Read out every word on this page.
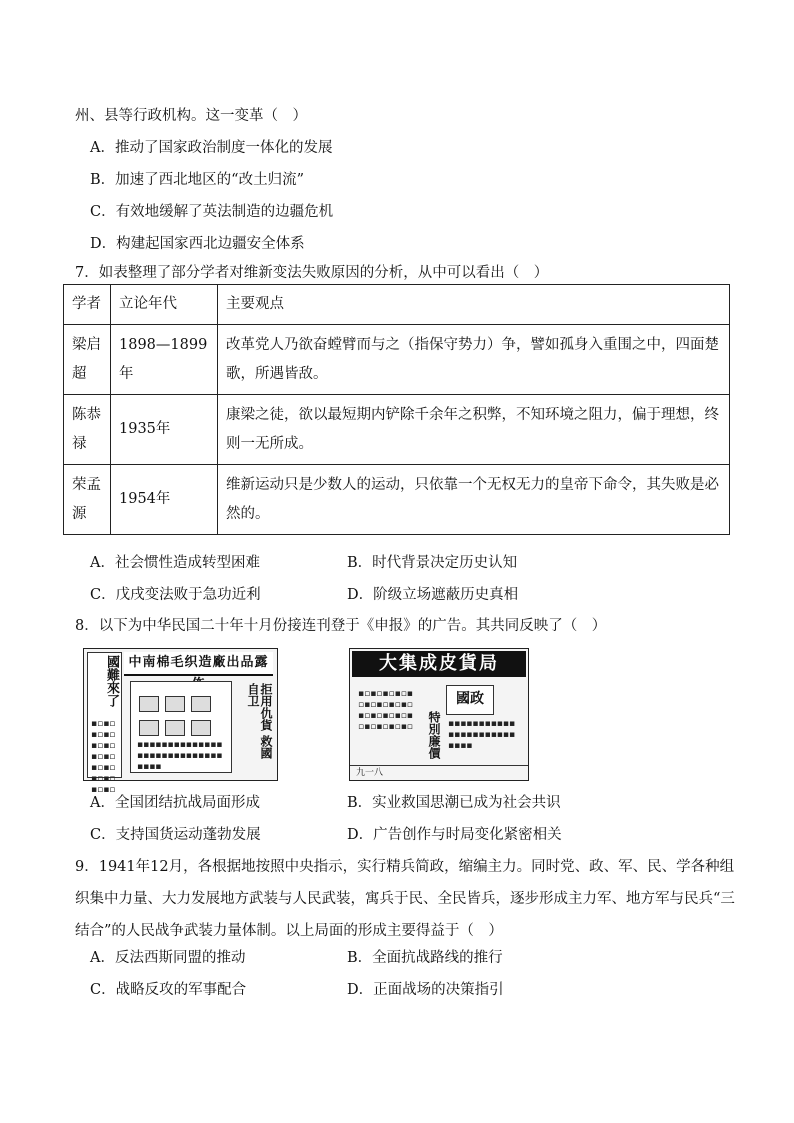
州、县等行政机构。这一变革（　）
A．推动了国家政治制度一体化的发展
B．加速了西北地区的“改土归流”
C．有效地缓解了英法制造的边疆危机
D．构建起国家西北边疆安全体系
7．如表整理了部分学者对维新变法失败原因的分析，从中可以看出（　）
学者	立论年代	主要观点
梁启超	1898—1899年	改革党人乃欲奋螳臂而与之（指保守势力）争，譬如孤身入重围之中，四面楚歌，所遇皆敌。
陈恭禄	1935年	康梁之徒，欲以最短期内铲除千余年之积弊，不知环境之阻力，偏于理想，终则一无所成。
荣孟源	1954年	维新运动只是少数人的运动，只依靠一个无权无力的皇帝下命令，其失败是必然的。
A．社会惯性造成转型困难	B．时代背景决定历史认知
C．戊戌变法败于急功近利	D．阶级立场遮蔽历史真相
8．以下为中华民国二十年十月份接连刊登于《申报》的广告。其共同反映了（　）
國難來了
▪▫▪▫▪▫▪▫▪▫▪▫▪▫▪▫▪▫▪▫▪▫▪▫▪▫▪▫
中南棉毛织造廠出品露
▪▪▪▪▪▪▪▪▪▪▪▪▪▪▪▪▪▪▪▪▪▪▪▪▪▪▪▪▪▪▪▪
拒用仇貨 救國自卫
大集成皮貨局
國政
特別廉價
▪▫▪▫▪▫▪▫▪▫▪▫▪▫▪▫▪▫▪▫▪▫▪▫▪▫▪▫▪▫▪▫▪▫▪▫	▪▪▪▪▪▪▪▪▪▪▪▪▪▪▪▪▪▪▪▪▪▪▪▪▪▪
九一八
A．全国团结抗战局面形成	B．实业救国思潮已成为社会共识
C．支持国货运动蓬勃发展	D．广告创作与时局变化紧密相关
9．1941年12月，各根据地按照中央指示，实行精兵简政，缩编主力。同时党、政、军、民、学各种组织集中力量、大力发展地方武装与人民武装，寓兵于民、全民皆兵，逐步形成主力军、地方军与民兵“三结合”的人民战争武装力量体制。以上局面的形成主要得益于（　）
A．反法西斯同盟的推动	B．全面抗战路线的推行
C．战略反攻的军事配合	D．正面战场的决策指引
